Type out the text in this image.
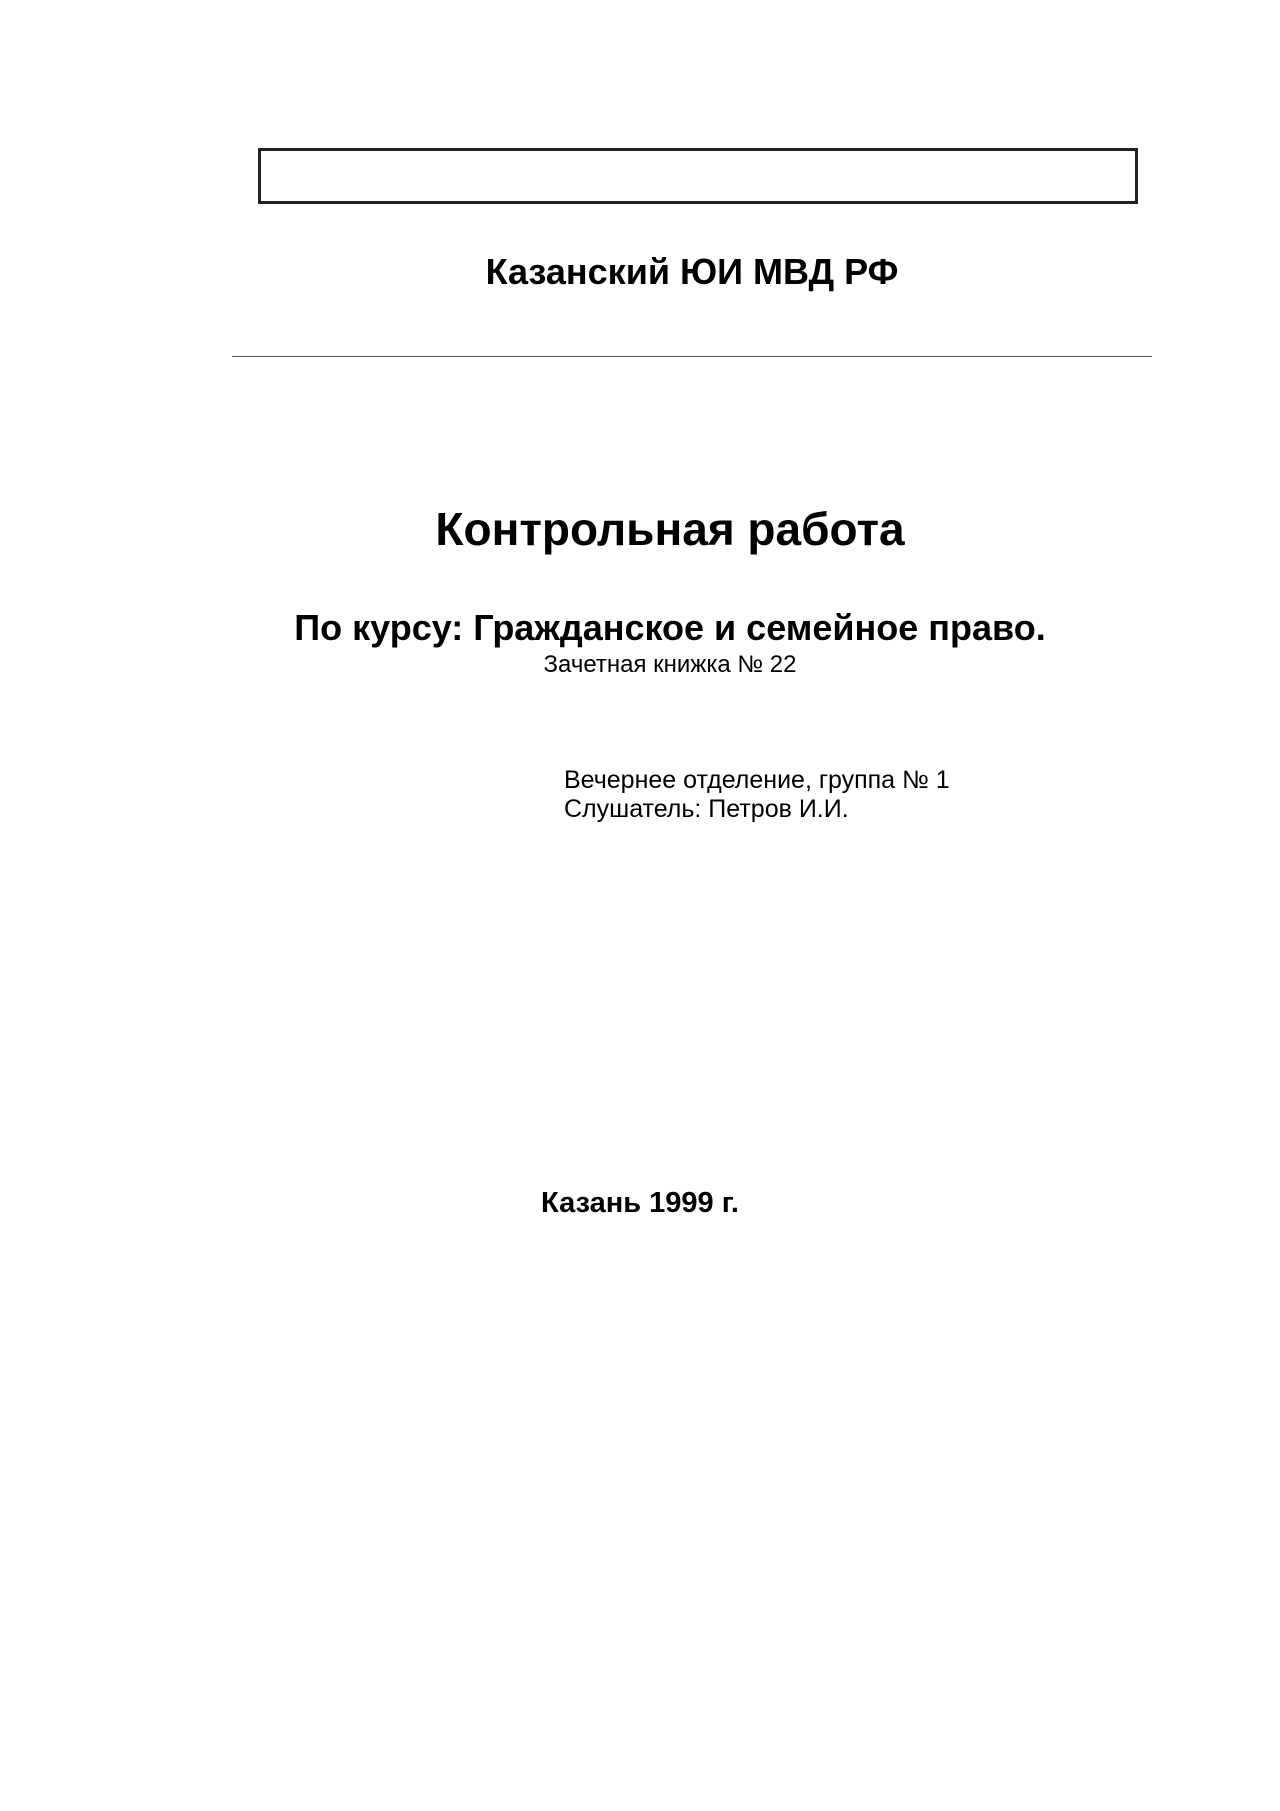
Казанский ЮИ МВД РФ
Контрольная работа
По курсу: Гражданское и семейное право.
Зачетная книжка № 22
Вечернее отделение, группа № 1
Слушатель: Петров И.И.
Казань 1999 г.
